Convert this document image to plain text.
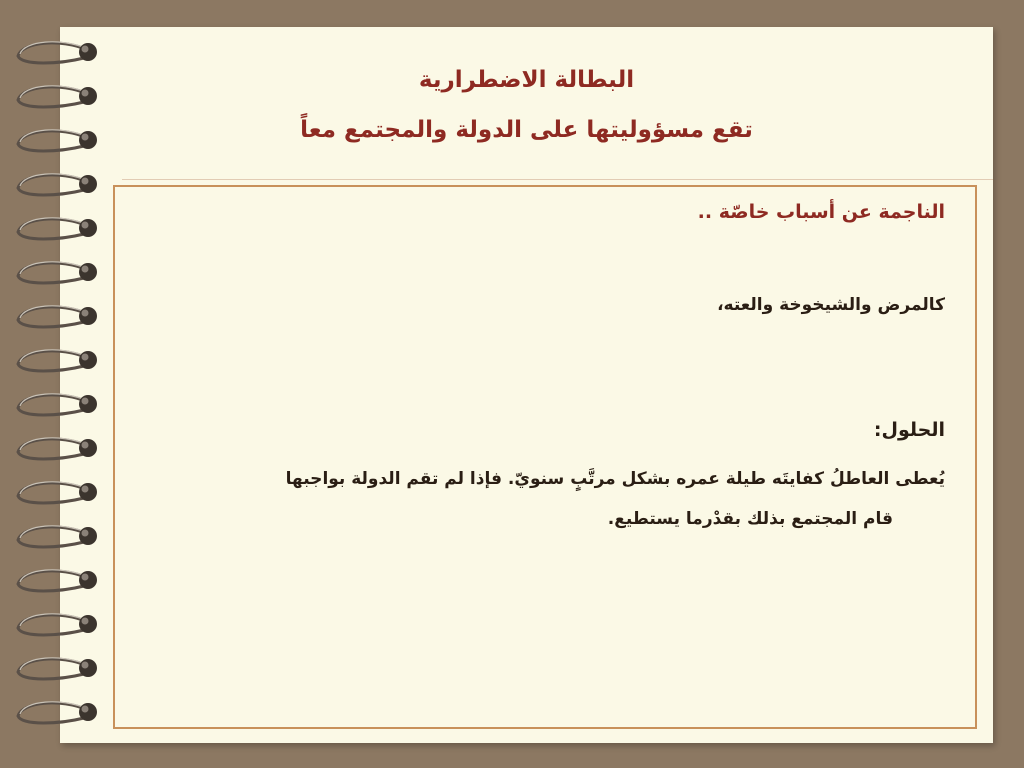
البطالة الاضطرارية
تقع مسؤوليتها على الدولة والمجتمع معاً
الناجمة عن أسباب خاصّة ..
كالمرض والشيخوخة والعته،
الحلول:
يُعطى العاطلُ كفايتَه طيلة عمره بشكل مرتَّبٍ سنويّ. فإذا لم تقم الدولة بواجبها
قام المجتمع بذلك بقدْرما يستطيع.
